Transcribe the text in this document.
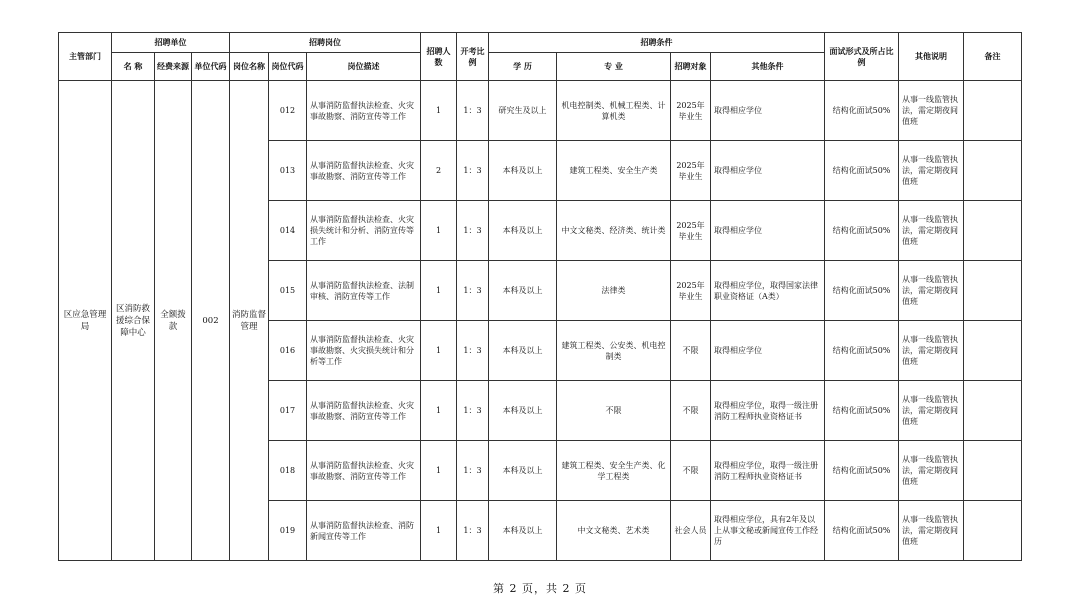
主管部门	招聘单位			招聘岗位			招聘人数	开考比例	招聘条件				面试形式及所占比例	其他说明	备注
	名 称	经费来源	单位代码	岗位名称	岗位代码	岗位描述			学 历	专 业	招聘对象	其他条件			
区应急管理局	区消防救援综合保障中心	全额拨款	002	消防监督管理	012	从事消防监督执法检查、火灾事故勘察、消防宣传等工作	1	1：3	研究生及以上	机电控制类、机械工程类、计算机类	2025年毕业生	取得相应学位	结构化面试50%	从事一线监管执法，需定期夜间值班	
					013	从事消防监督执法检查、火灾事故勘察、消防宣传等工作	2	1：3	本科及以上	建筑工程类、安全生产类	2025年毕业生	取得相应学位	结构化面试50%	从事一线监管执法，需定期夜间值班	
					014	从事消防监督执法检查、火灾损失统计和分析、消防宣传等工作	1	1：3	本科及以上	中文文秘类、经济类、统计类	2025年毕业生	取得相应学位	结构化面试50%	从事一线监管执法，需定期夜间值班	
					015	从事消防监督执法检查、法制审核、消防宣传等工作	1	1：3	本科及以上	法律类	2025年毕业生	取得相应学位，取得国家法律职业资格证（A类）	结构化面试50%	从事一线监管执法，需定期夜间值班	
					016	从事消防监督执法检查、火灾事故勘察、火灾损失统计和分析等工作	1	1：3	本科及以上	建筑工程类、公安类、机电控制类	不限	取得相应学位	结构化面试50%	从事一线监管执法，需定期夜间值班	
					017	从事消防监督执法检查、火灾事故勘察、消防宣传等工作	1	1：3	本科及以上	不限	不限	取得相应学位，取得一级注册消防工程师执业资格证书	结构化面试50%	从事一线监管执法，需定期夜间值班	
					018	从事消防监督执法检查、火灾事故勘察、消防宣传等工作	1	1：3	本科及以上	建筑工程类、安全生产类、化学工程类	不限	取得相应学位，取得一级注册消防工程师执业资格证书	结构化面试50%	从事一线监管执法，需定期夜间值班	
					019	从事消防监督执法检查、消防新闻宣传等工作	1	1：3	本科及以上	中文文秘类、艺术类	社会人员	取得相应学位，具有2年及以上从事文秘或新闻宣传工作经历	结构化面试50%	从事一线监管执法，需定期夜间值班	
第 2 页，共 2 页
